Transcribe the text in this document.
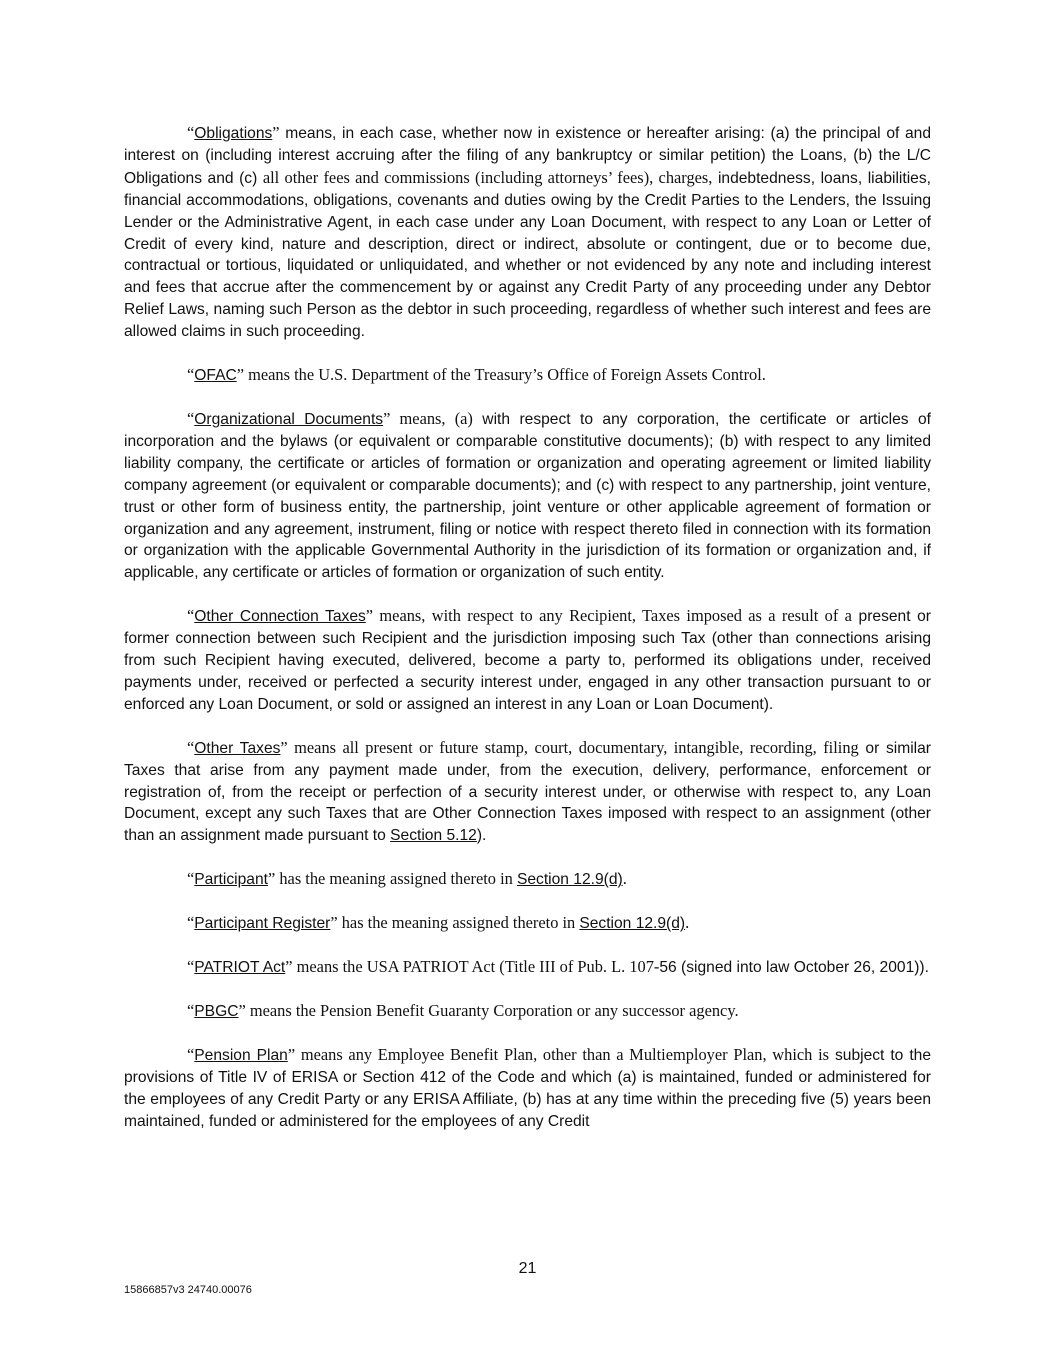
“Obligations” means, in each case, whether now in existence or hereafter arising: (a) the principal of and interest on (including interest accruing after the filing of any bankruptcy or similar petition) the Loans, (b) the L/C Obligations and (c) all other fees and commissions (including attorneys’ fees), charges, indebtedness, loans, liabilities, financial accommodations, obligations, covenants and duties owing by the Credit Parties to the Lenders, the Issuing Lender or the Administrative Agent, in each case under any Loan Document, with respect to any Loan or Letter of Credit of every kind, nature and description, direct or indirect, absolute or contingent, due or to become due, contractual or tortious, liquidated or unliquidated, and whether or not evidenced by any note and including interest and fees that accrue after the commencement by or against any Credit Party of any proceeding under any Debtor Relief Laws, naming such Person as the debtor in such proceeding, regardless of whether such interest and fees are allowed claims in such proceeding.

“OFAC” means the U.S. Department of the Treasury’s Office of Foreign Assets Control.

“Organizational Documents” means, (a) with respect to any corporation, the certificate or articles of incorporation and the bylaws (or equivalent or comparable constitutive documents); (b) with respect to any limited liability company, the certificate or articles of formation or organization and operating agreement or limited liability company agreement (or equivalent or comparable documents); and (c) with respect to any partnership, joint venture, trust or other form of business entity, the partnership, joint venture or other applicable agreement of formation or organization and any agreement, instrument, filing or notice with respect thereto filed in connection with its formation or organization with the applicable Governmental Authority in the jurisdiction of its formation or organization and, if applicable, any certificate or articles of formation or organization of such entity.

“Other Connection Taxes” means, with respect to any Recipient, Taxes imposed as a result of a present or former connection between such Recipient and the jurisdiction imposing such Tax (other than connections arising from such Recipient having executed, delivered, become a party to, performed its obligations under, received payments under, received or perfected a security interest under, engaged in any other transaction pursuant to or enforced any Loan Document, or sold or assigned an interest in any Loan or Loan Document).

“Other Taxes” means all present or future stamp, court, documentary, intangible, recording, filing or similar Taxes that arise from any payment made under, from the execution, delivery, performance, enforcement or registration of, from the receipt or perfection of a security interest under, or otherwise with respect to, any Loan Document, except any such Taxes that are Other Connection Taxes imposed with respect to an assignment (other than an assignment made pursuant to Section 5.12).

“Participant” has the meaning assigned thereto in Section 12.9(d).

“Participant Register” has the meaning assigned thereto in Section 12.9(d).

“PATRIOT Act” means the USA PATRIOT Act (Title III of Pub. L. 107-56 (signed into law October 26, 2001)).

“PBGC” means the Pension Benefit Guaranty Corporation or any successor agency.

“Pension Plan” means any Employee Benefit Plan, other than a Multiemployer Plan, which is subject to the provisions of Title IV of ERISA or Section 412 of the Code and which (a) is maintained, funded or administered for the employees of any Credit Party or any ERISA Affiliate, (b) has at any time within the preceding five (5) years been maintained, funded or administered for the employees of any Credit

21
15866857v3 24740.00076
